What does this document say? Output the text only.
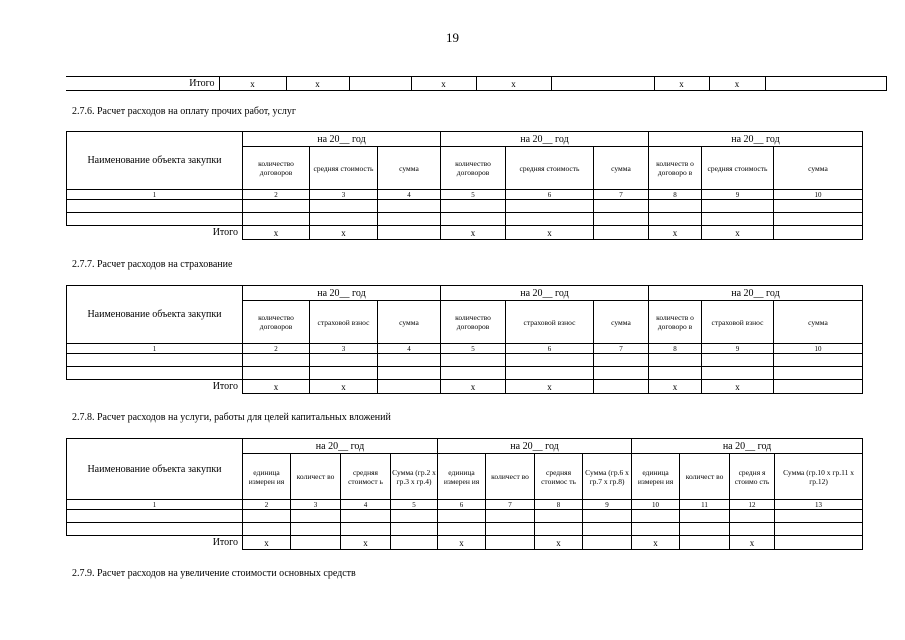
19
Итого	х	х		х	х		х	х	
2.7.6. Расчет расходов на оплату прочих работ, услуг
Наименование объекта закупки	на 20__ год			на 20__ год			на 20__ год		
	количество договоров	средняя стоимость	сумма	количество договоров	средняя стоимость	сумма	количеств о договоро в	средняя стоимость	сумма
1	2	3	4	5	6	7	8	9	10

Итого	х	х		х	х		х	х	
2.7.7. Расчет расходов на страхование
Наименование объекта закупки	на 20__ год			на 20__ год			на 20__ год		
	количество договоров	страховой взнос	сумма	количество договоров	страховой взнос	сумма	количеств о договоро в	страховой взнос	сумма
1	2	3	4	5	6	7	8	9	10

Итого	х	х		х	х		х	х	
2.7.8. Расчет расходов на услуги, работы для целей капитальных вложений
Наименование объекта закупки	на 20__ год				на 20__ год				на 20__ год			
	единица измерен ия	количест во	средняя стоимост ь	Сумма (гр.2 х гр.3 х гр.4)	единица измерен ия	количест во	средняя стоимос ть	Сумма (гр.6 х гр.7 х гр.8)	единица измерен ия	количест во	средня я стоимо сть	Сумма (гр.10 х гр.11 х гр.12)
1	2	3	4	5	6	7	8	9	10	11	12	13

Итого	х		х		х		х		х		х	
2.7.9. Расчет расходов на увеличение стоимости основных средств
